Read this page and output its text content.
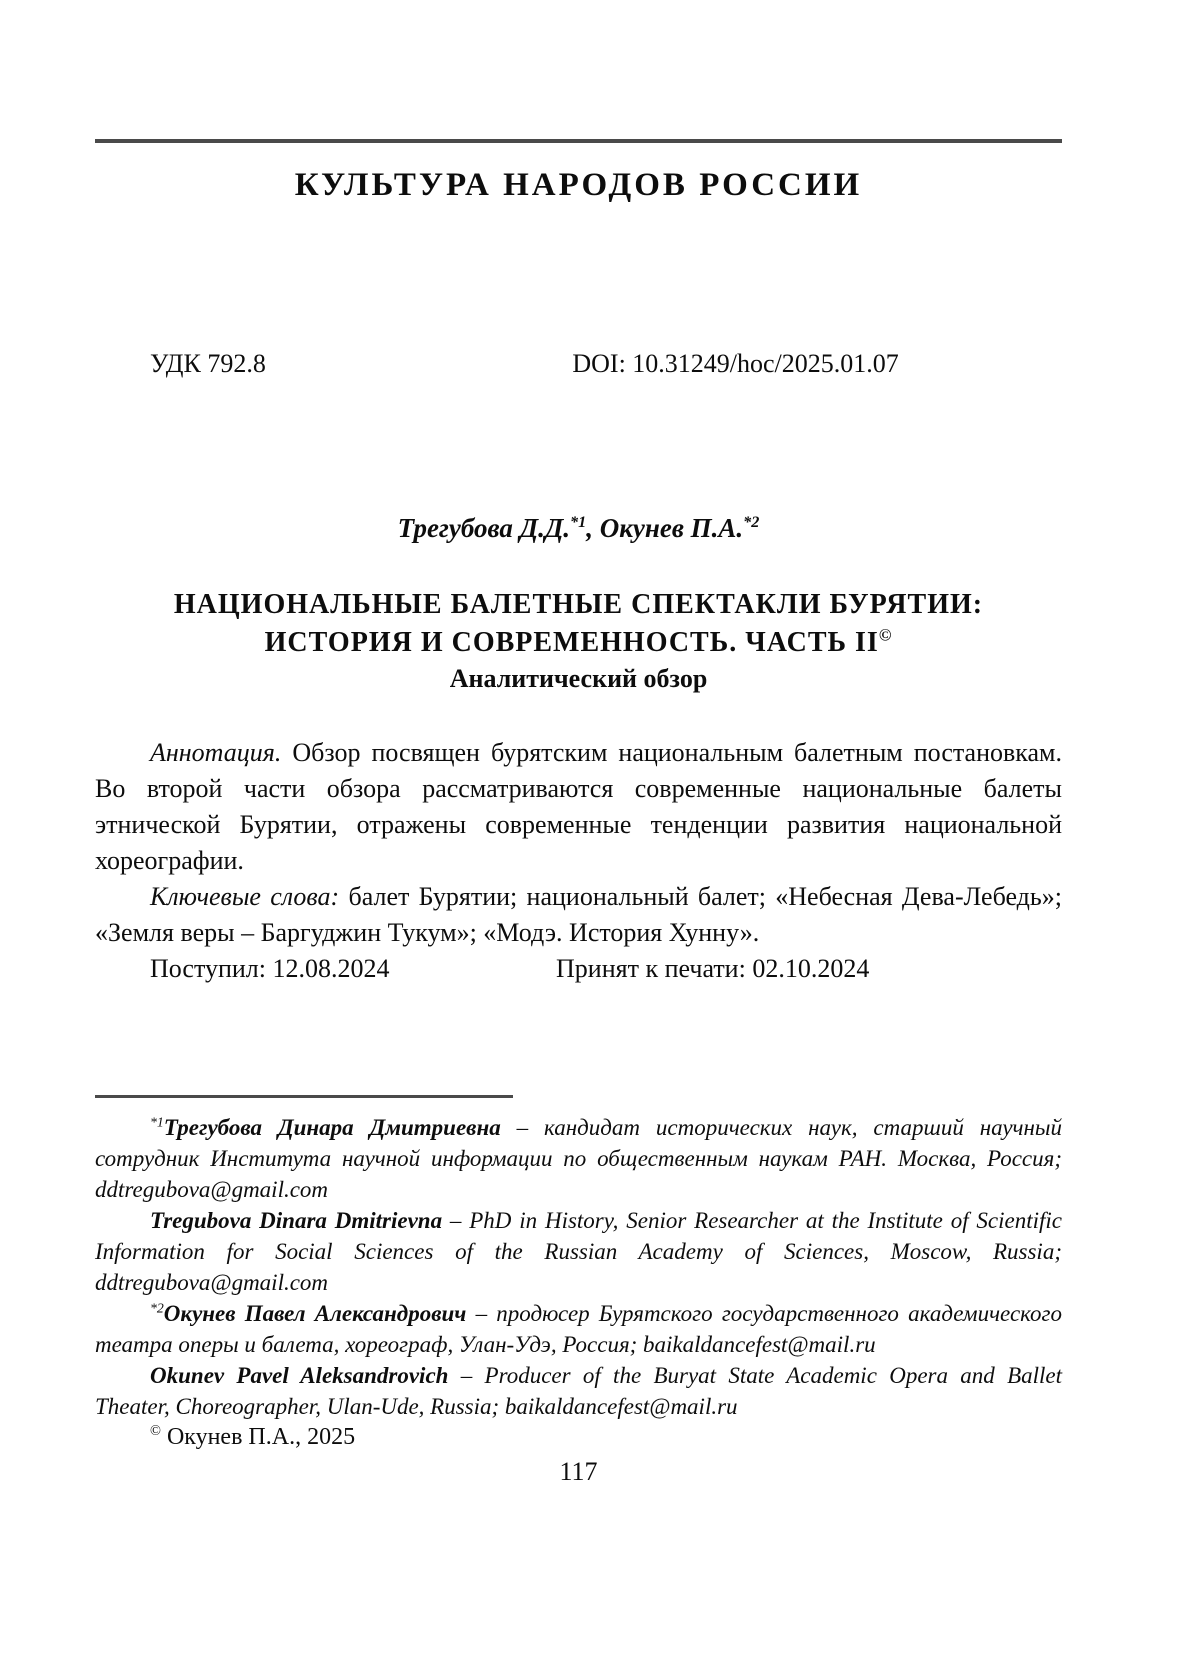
КУЛЬТУРА НАРОДОВ РОССИИ

УДК 792.8	DOI: 10.31249/hoc/2025.01.07

Трегубова Д.Д.$^{*1}$, Окунев П.А.$^{*2}$

НАЦИОНАЛЬНЫЕ БАЛЕТНЫЕ СПЕКТАКЛИ БУРЯТИИ:
ИСТОРИЯ И СОВРЕМЕННОСТЬ. ЧАСТЬ II©

Аналитический обзор

Аннотация. Обзор посвящен бурятским национальным балетным постановкам. Во второй части обзора рассматриваются современные национальные балеты этнической Бурятии, отражены современные тенденции развития национальной хореографии.

Ключевые слова: балет Бурятии; национальный балет; «Небесная Дева-Лебедь»; «Земля веры – Баргуджин Тукум»; «Модэ. История Хунну».

Поступил: 12.08.2024	Принят к печати: 02.10.2024

$^{*1}$Трегубова Динара Дмитриевна – кандидат исторических наук, старший научный сотрудник Института научной информации по общественным наукам РАН. Москва, Россия; ddtregubova@gmail.com

Tregubova Dinara Dmitrievna – PhD in History, Senior Researcher at the Institute of Scientific Information for Social Sciences of the Russian Academy of Sciences, Moscow, Russia; ddtregubova@gmail.com

$^{*2}$Окунев Павел Александрович – продюсер Бурятского государственного академического театра оперы и балета, хореограф, Улан-Удэ, Россия; baikaldancefest@mail.ru

Okunev Pavel Aleksandrovich – Producer of the Buryat State Academic Opera and Ballet Theater, Choreographer, Ulan-Ude, Russia; baikaldancefest@mail.ru

© Окунев П.А., 2025

117
